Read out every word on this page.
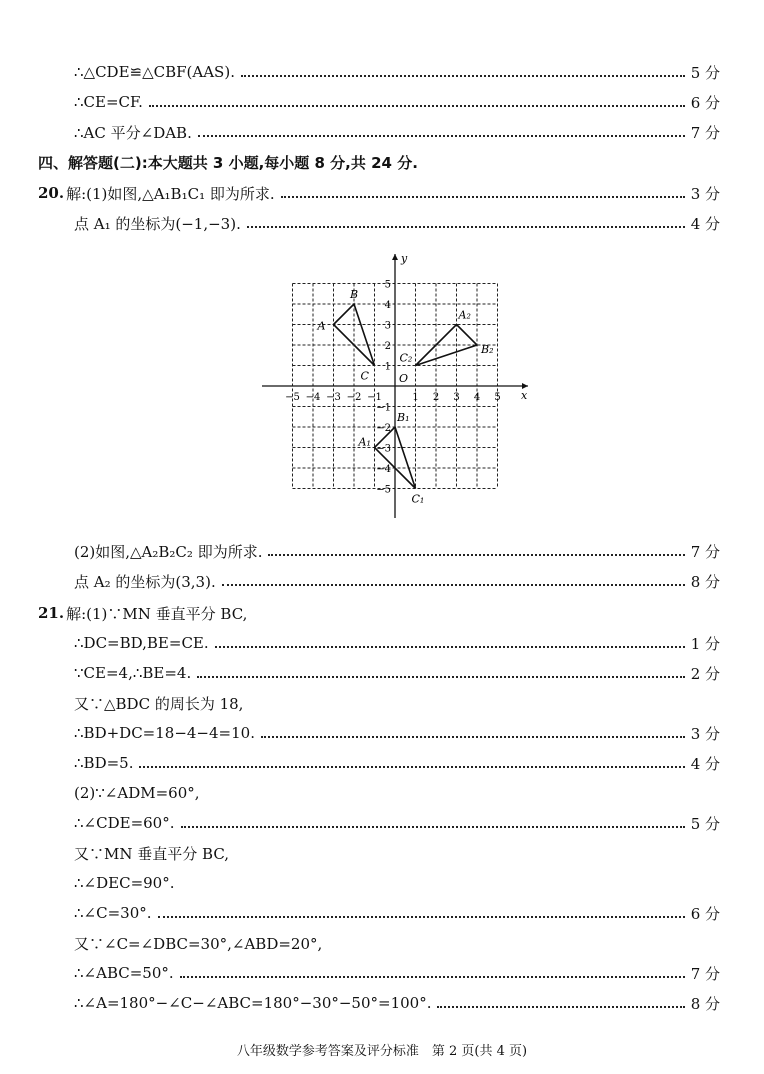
∴△CDE≌△CBF(AAS).	5 分
∴CE=CF.	6 分
∴AC 平分∠DAB.	7 分
四、解答题(二):本大题共 3 小题,每小题 8 分,共 24 分.
20. 解:(1)如图,△A₁B₁C₁ 即为所求.	3 分
点 A₁ 的坐标为(−1,−3).	4 分
x
y
O
−5 −4 −3 −2 −1	1 2 3 4 5
5
4
3
2
1
−1
−2
−3
−4
−5
A
B
C
A₁
B₁
C₁
A₂
B₂
C₂
(2)如图,△A₂B₂C₂ 即为所求.	7 分
点 A₂ 的坐标为(3,3).	8 分
21. 解:(1)∵MN 垂直平分 BC,
∴DC=BD,BE=CE.	1 分
∵CE=4,∴BE=4.	2 分
又∵△BDC 的周长为 18,
∴BD+DC=18−4−4=10.	3 分
∴BD=5.	4 分
(2)∵∠ADM=60°,
∴∠CDE=60°.	5 分
又∵MN 垂直平分 BC,
∴∠DEC=90°.
∴∠C=30°.	6 分
又∵∠C=∠DBC=30°,∠ABD=20°,
∴∠ABC=50°.	7 分
∴∠A=180°−∠C−∠ABC=180°−30°−50°=100°.	8 分
八年级数学参考答案及评分标准　第 2 页(共 4 页)
